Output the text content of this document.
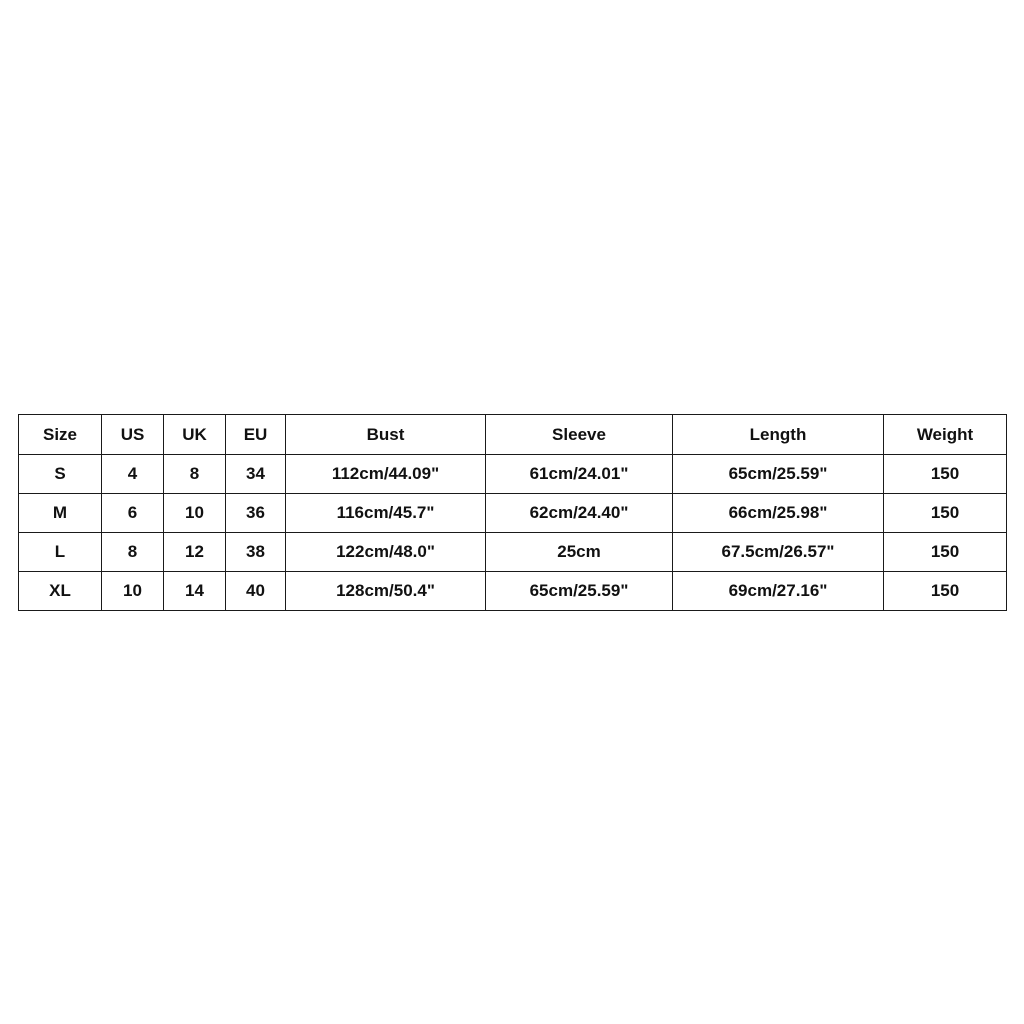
Size	US	UK	EU	Bust	Sleeve	Length	Weight
S	4	8	34	112cm/44.09"	61cm/24.01"	65cm/25.59"	150
M	6	10	36	116cm/45.7"	62cm/24.40"	66cm/25.98"	150
L	8	12	38	122cm/48.0"	25cm	67.5cm/26.57"	150
XL	10	14	40	128cm/50.4"	65cm/25.59"	69cm/27.16"	150
